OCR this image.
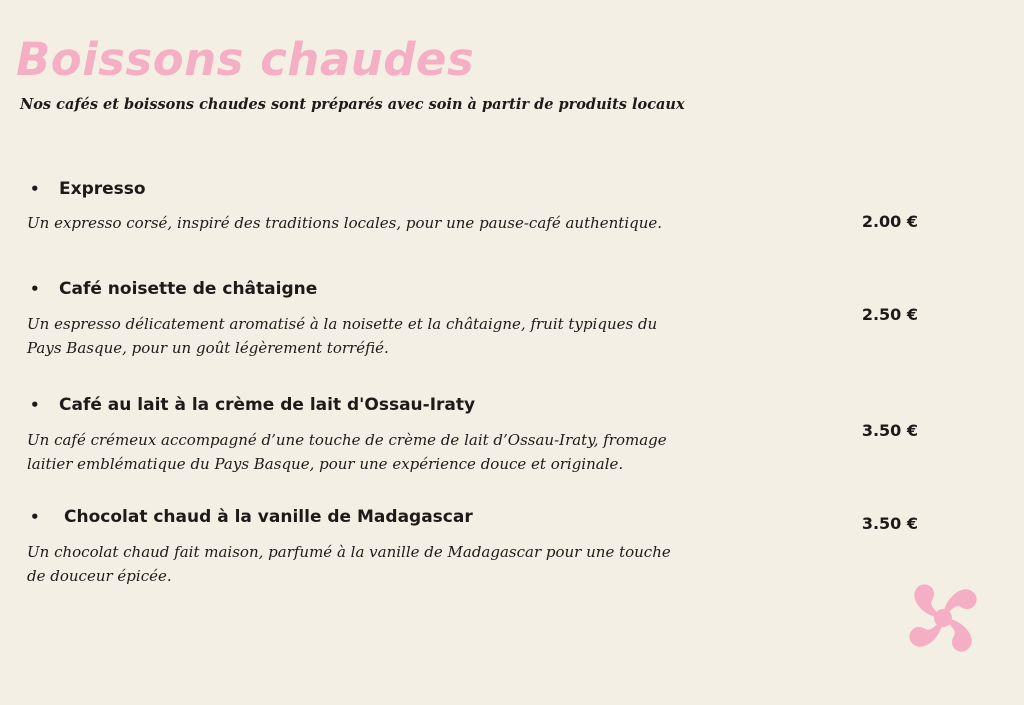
Boissons chaudes

Nos cafés et boissons chaudes sont préparés avec soin à partir de produits locaux

• Expresso

Un expresso corsé, inspiré des traditions locales, pour une pause-café authentique.	2.00 €
• Café noisette de châtaigne

Un espresso délicatement aromatisé à la noisette et la châtaigne, fruit typiques du

Pays Basque, pour un goût légèrement torréfié.

2.50 €
• Café au lait à la crème de lait d'Ossau-Iraty

Un café crémeux accompagné d’une touche de crème de lait d’Ossau-Iraty, fromage

laitier emblématique du Pays Basque, pour une expérience douce et originale.

3.50 €
• Chocolat chaud à la vanille de Madagascar

Un chocolat chaud fait maison, parfumé à la vanille de Madagascar pour une touche

de douceur épicée.

3.50 €
